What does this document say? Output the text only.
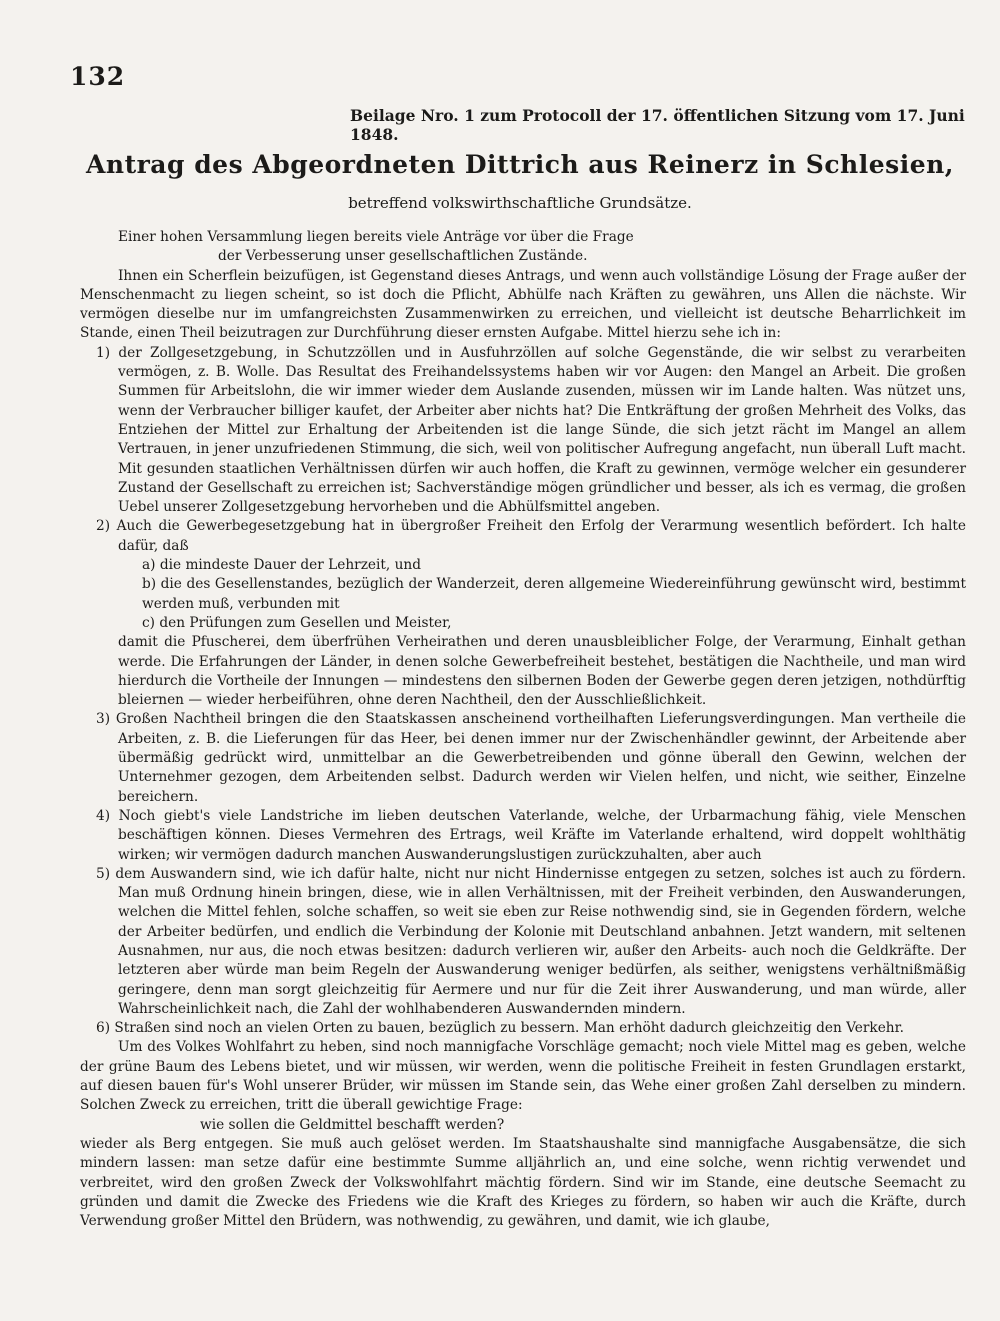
132
Beilage Nro. 1 zum Protocoll der 17. öffentlichen Sitzung vom 17. Juni 1848.
Antrag des Abgeordneten Dittrich aus Reinerz in Schlesien,
betreffend volkswirthschaftliche Grundsätze.

Einer hohen Versammlung liegen bereits viele Anträge vor über die Frage

der Verbesserung unser gesellschaftlichen Zustände.

Ihnen ein Scherflein beizufügen, ist Gegenstand dieses Antrags, und wenn auch vollständige Lösung der Frage außer der Menschenmacht zu liegen scheint, so ist doch die Pflicht, Abhülfe nach Kräften zu gewähren, uns Allen die nächste. Wir vermögen dieselbe nur im umfangreichsten Zusammenwirken zu erreichen, und vielleicht ist deutsche Beharrlichkeit im Stande, einen Theil beizutragen zur Durchführung dieser ernsten Aufgabe. Mittel hierzu sehe ich in:

1) der Zollgesetzgebung, in Schutzzöllen und in Ausfuhrzöllen auf solche Gegenstände, die wir selbst zu verarbeiten vermögen, z. B. Wolle. Das Resultat des Freihandelssystems haben wir vor Augen: den Mangel an Arbeit. Die großen Summen für Arbeitslohn, die wir immer wieder dem Auslande zusenden, müssen wir im Lande halten. Was nützet uns, wenn der Verbraucher billiger kaufet, der Arbeiter aber nichts hat? Die Entkräftung der großen Mehrheit des Volks, das Entziehen der Mittel zur Erhaltung der Arbeitenden ist die lange Sünde, die sich jetzt rächt im Mangel an allem Vertrauen, in jener unzufriedenen Stimmung, die sich, weil von politischer Aufregung angefacht, nun überall Luft macht. Mit gesunden staatlichen Verhältnissen dürfen wir auch hoffen, die Kraft zu gewinnen, vermöge welcher ein gesunderer Zustand der Gesellschaft zu erreichen ist; Sachverständige mögen gründlicher und besser, als ich es vermag, die großen Uebel unserer Zollgesetzgebung hervorheben und die Abhülfsmittel angeben.

2) Auch die Gewerbegesetzgebung hat in übergroßer Freiheit den Erfolg der Verarmung wesentlich befördert. Ich halte dafür, daß

a) die mindeste Dauer der Lehrzeit, und

b) die des Gesellenstandes, bezüglich der Wanderzeit, deren allgemeine Wiedereinführung gewünscht wird, bestimmt werden muß, verbunden mit

c) den Prüfungen zum Gesellen und Meister,

damit die Pfuscherei, dem überfrühen Verheirathen und deren unausbleiblicher Folge, der Verarmung, Einhalt gethan werde. Die Erfahrungen der Länder, in denen solche Gewerbefreiheit bestehet, bestätigen die Nachtheile, und man wird hierdurch die Vortheile der Innungen — mindestens den silbernen Boden der Gewerbe gegen deren jetzigen, nothdürftig bleiernen — wieder herbeiführen, ohne deren Nachtheil, den der Ausschließlichkeit.

3) Großen Nachtheil bringen die den Staatskassen anscheinend vortheilhaften Lieferungsverdingungen. Man vertheile die Arbeiten, z. B. die Lieferungen für das Heer, bei denen immer nur der Zwischenhändler gewinnt, der Arbeitende aber übermäßig gedrückt wird, unmittelbar an die Gewerbetreibenden und gönne überall den Gewinn, welchen der Unternehmer gezogen, dem Arbeitenden selbst. Dadurch werden wir Vielen helfen, und nicht, wie seither, Einzelne bereichern.

4) Noch giebt's viele Landstriche im lieben deutschen Vaterlande, welche, der Urbarmachung fähig, viele Menschen beschäftigen können. Dieses Vermehren des Ertrags, weil Kräfte im Vaterlande erhaltend, wird doppelt wohlthätig wirken; wir vermögen dadurch manchen Auswanderungslustigen zurückzuhalten, aber auch

5) dem Auswandern sind, wie ich dafür halte, nicht nur nicht Hindernisse entgegen zu setzen, solches ist auch zu fördern. Man muß Ordnung hinein bringen, diese, wie in allen Verhältnissen, mit der Freiheit verbinden, den Auswanderungen, welchen die Mittel fehlen, solche schaffen, so weit sie eben zur Reise nothwendig sind, sie in Gegenden fördern, welche der Arbeiter bedürfen, und endlich die Verbindung der Kolonie mit Deutschland anbahnen. Jetzt wandern, mit seltenen Ausnahmen, nur aus, die noch etwas besitzen: dadurch verlieren wir, außer den Arbeits- auch noch die Geldkräfte. Der letzteren aber würde man beim Regeln der Auswanderung weniger bedürfen, als seither, wenigstens verhältnißmäßig geringere, denn man sorgt gleichzeitig für Aermere und nur für die Zeit ihrer Auswanderung, und man würde, aller Wahrscheinlichkeit nach, die Zahl der wohlhabenderen Auswandernden mindern.

6) Straßen sind noch an vielen Orten zu bauen, bezüglich zu bessern. Man erhöht dadurch gleichzeitig den Verkehr.

Um des Volkes Wohlfahrt zu heben, sind noch mannigfache Vorschläge gemacht; noch viele Mittel mag es geben, welche der grüne Baum des Lebens bietet, und wir müssen, wir werden, wenn die politische Freiheit in festen Grundlagen erstarkt, auf diesen bauen für's Wohl unserer Brüder, wir müssen im Stande sein, das Wehe einer großen Zahl derselben zu mindern. Solchen Zweck zu erreichen, tritt die überall gewichtige Frage:

wie sollen die Geldmittel beschafft werden?

wieder als Berg entgegen. Sie muß auch gelöset werden. Im Staatshaushalte sind mannigfache Ausgabensätze, die sich mindern lassen: man setze dafür eine bestimmte Summe alljährlich an, und eine solche, wenn richtig verwendet und verbreitet, wird den großen Zweck der Volkswohlfahrt mächtig fördern. Sind wir im Stande, eine deutsche Seemacht zu gründen und damit die Zwecke des Friedens wie die Kraft des Krieges zu fördern, so haben wir auch die Kräfte, durch Verwendung großer Mittel den Brüdern, was nothwendig, zu gewähren, und damit, wie ich glaube,
